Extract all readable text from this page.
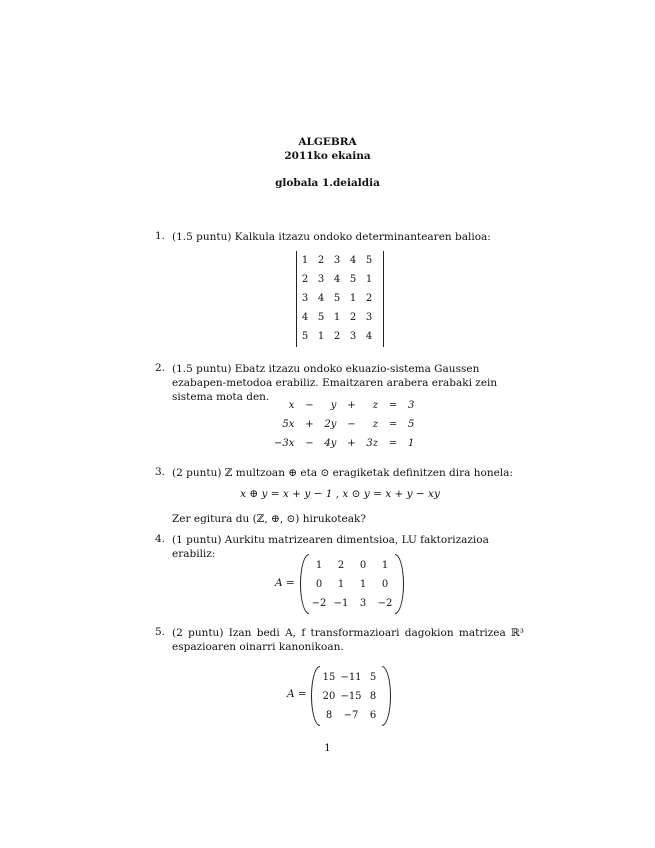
ALGEBRA
2011ko ekaina
globala 1.deialdia
1. (1.5 puntu) Kalkula itzazu ondoko determinantearen balioa:
1	2	3	4	5
2	3	4	5	1
3	4	5	1	2
4	5	1	2	3
5	1	2	3	4
2. (1.5 puntu) Ebatz itzazu ondoko ekuazio-sistema Gaussen ezabapen-metodoa erabiliz. Emaitzaren arabera erabaki zein sistema mota den.
x	−	y	+	z	=	3
5x	+	2y	−	z	=	5
−3x	−	4y	+	3z	=	1
3. (2 puntu) ℤ multzoan ⊕ eta ⊙ eragiketak definitzen dira honela:
x ⊕ y = x + y − 1 , x ⊙ y = x + y − xy
Zer egitura du (ℤ, ⊕, ⊙) hirukoteak?
4. (1 puntu) Aurkitu matrizearen dimentsioa, LU faktorizazioa erabiliz:
A =
1	2	0	1
0	1	1	0
−2	−1	3	−2
5. (2 puntu) Izan bedi A, f transformazioari dagokion matrizea ℝ³ espazioaren oinarri kanonikoan.
A =
15	−11	5
20	−15	8
8	−7	6
1
